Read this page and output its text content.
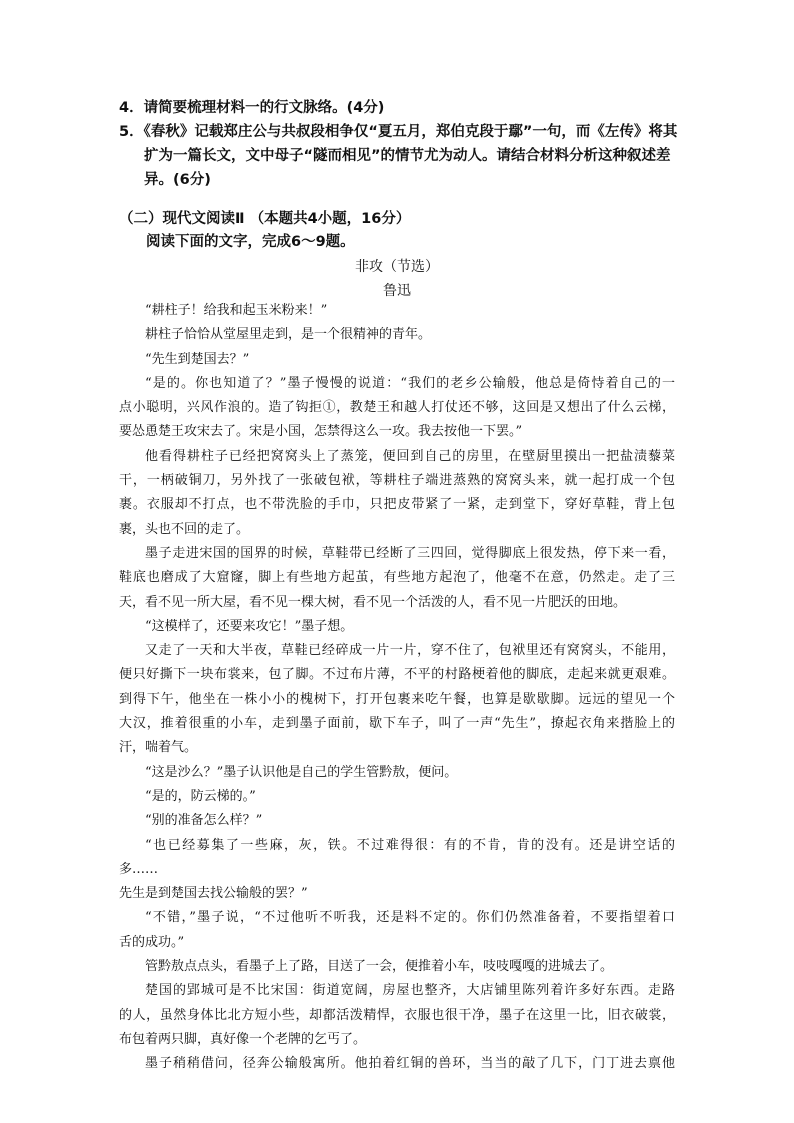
4．请简要梳理材料一的行文脉络。(4分)
5．《春秋》记载郑庄公与共叔段相争仅“夏五月，郑伯克段于鄢”一句，而《左传》将其
扩为一篇长文，文中母子“隧而相见”的情节尤为动人。请结合材料分析这种叙述差
异。(6分)
（二）现代文阅读Ⅱ （本题共4小题，16分）
阅读下面的文字，完成6～9题。
非攻（节选）
鲁迅
“耕柱子！给我和起玉米粉来！”
耕柱子恰恰从堂屋里走到，是一个很精神的青年。
“先生到楚国去？”
“是的。你也知道了？”墨子慢慢的说道：“我们的老乡公输般，他总是倚恃着自己的一
点小聪明，兴风作浪的。造了钩拒①，教楚王和越人打仗还不够，这回是又想出了什么云梯，
要怂恿楚王攻宋去了。宋是小国，怎禁得这么一攻。我去按他一下罢。”
他看得耕柱子已经把窝窝头上了蒸笼，便回到自己的房里，在壁厨里摸出一把盐渍藜菜
干，一柄破铜刀，另外找了一张破包袱，等耕柱子端进蒸熟的窝窝头来，就一起打成一个包
裹。衣服却不打点，也不带洗脸的手巾，只把皮带紧了一紧，走到堂下，穿好草鞋，背上包
裹，头也不回的走了。
墨子走进宋国的国界的时候，草鞋带已经断了三四回，觉得脚底上很发热，停下来一看，
鞋底也磨成了大窟窿，脚上有些地方起茧，有些地方起泡了，他毫不在意，仍然走。走了三
天，看不见一所大屋，看不见一棵大树，看不见一个活泼的人，看不见一片肥沃的田地。
“这模样了，还要来攻它！”墨子想。
又走了一天和大半夜，草鞋已经碎成一片一片，穿不住了，包袱里还有窝窝头，不能用，
便只好撕下一块布裳来，包了脚。不过布片薄，不平的村路梗着他的脚底，走起来就更艰难。
到得下午，他坐在一株小小的槐树下，打开包裹来吃午餐，也算是歇歇脚。远远的望见一个
大汉，推着很重的小车，走到墨子面前，歇下车子，叫了一声“先生”，撩起衣角来揩脸上的
汗，喘着气。
“这是沙么？”墨子认识他是自己的学生管黔敖，便问。
“是的，防云梯的。”
“别的准备怎么样？”
“也已经募集了一些麻，灰，铁。不过难得很：有的不肯，肯的没有。还是讲空话的
多……
先生是到楚国去找公输般的罢？”
“不错，”墨子说，“不过他听不听我，还是料不定的。你们仍然准备着，不要指望着口
舌的成功。”
管黔敖点点头，看墨子上了路，目送了一会，便推着小车，吱吱嘎嘎的进城去了。
楚国的郢城可是不比宋国：街道宽阔，房屋也整齐，大店铺里陈列着许多好东西。走路
的人，虽然身体比北方短小些，却都活泼精悍，衣服也很干净，墨子在这里一比，旧衣破裳，
布包着两只脚，真好像一个老牌的乞丐了。
墨子稍稍借问，径奔公输般寓所。他拍着红铜的兽环，当当的敲了几下，门丁进去禀他
